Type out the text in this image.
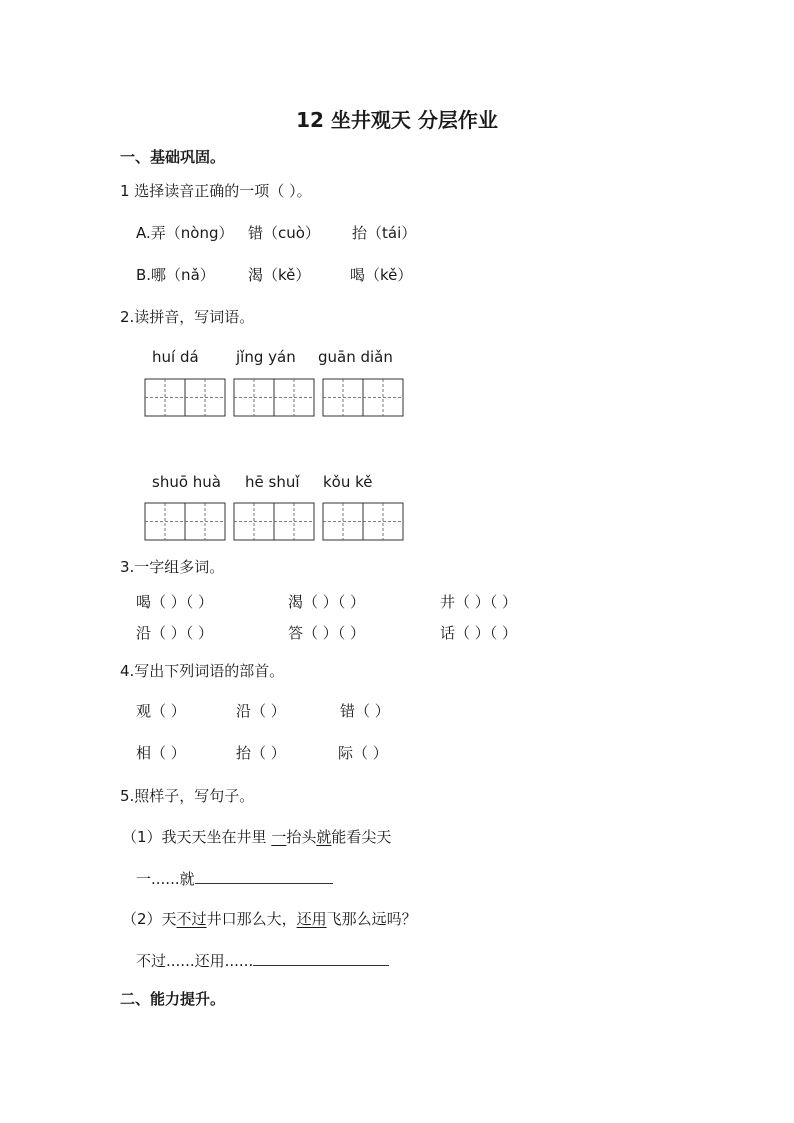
12 坐井观天 分层作业
一、基础巩固。
1 选择读音正确的一项（ ）。
A.弄（nòng） 错（cuò） 抬（tái）
B.哪（nǎ） 渴（kě）	喝（kě）
2.读拼音，写词语。
huí dá jǐng yán guān diǎn
shuō huà hē shuǐ kǒu kě
3.一字组多词。
喝（ ）（ ）	渴（ ）（ ）	井（ ）（ ）
沿（ ）（ ）	答（ ）（ ）	话（ ）（ ）
4.写出下列词语的部首。
观（ ）	沿（ ）	错（ ）
相（ ）	抬（ ）	际（ ）
5.照样子，写句子。
（1）我天天坐在井里 一抬头就能看尖天
一......就
（2）天不过井口那么大，还用飞那么远吗？
不过......还用......
二、能力提升。
